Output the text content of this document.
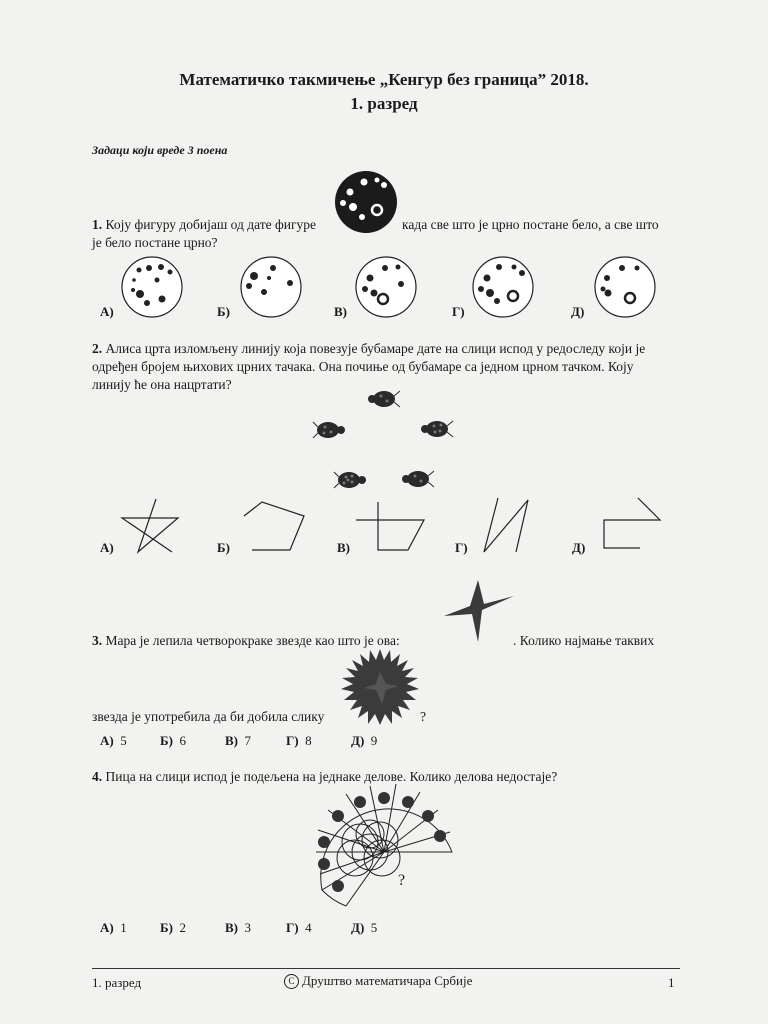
Математичко такмичење „Кенгур без граница” 2018.
1. разред
Задаци који вреде 3 поена
1. Коју фигуру добијаш од дате фигуре	када све што је црно постане бело, а све што
је бело постане црно?
А)	Б)	В)	Г)	Д)
2. Алиса црта изломљену линију која повезује бубамаре дате на слици испод у редоследу који је
одређен бројем њихових црних тачака. Она почиње од бубамаре са једном црном тачком. Коју
линију ће она нацртати?
А)	Б)	В)	Г)	Д)
3. Мара је лепила четворокраке звезде као што је ова:	. Колико најмање таквих
звезда је употребила да би добила слику	?
А) 5	Б) 6	В) 7	Г) 8	Д) 9
4. Пица на слици испод је подељена на једнаке делове. Колико делова недостаје?
?
А) 1	Б) 2	В) 3	Г) 4	Д) 5
1. разред	C Друштво математичара Србије	1
